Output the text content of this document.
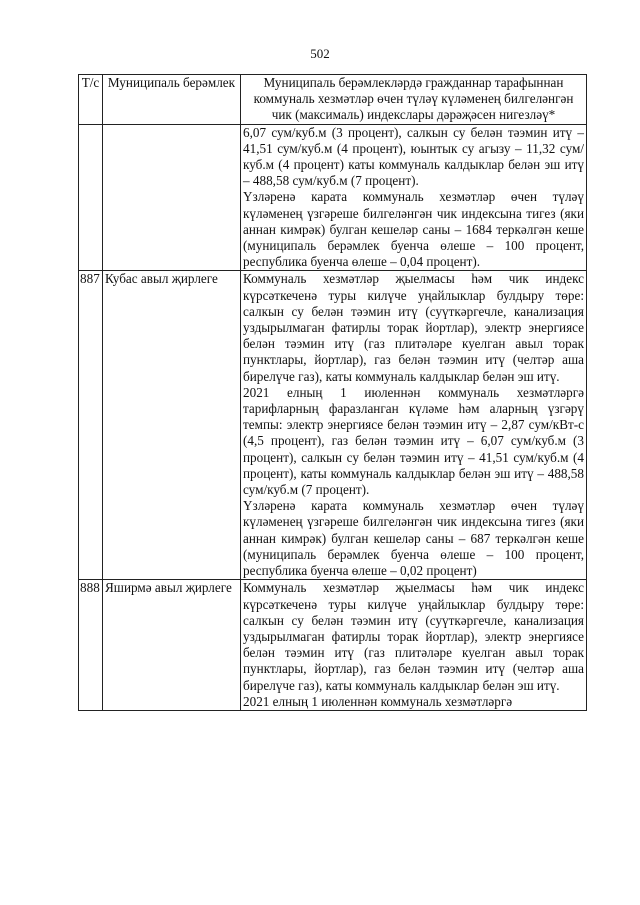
502
Т/с	Муниципаль берәмлек	Муниципаль берәмлекләрдә гражданнар тарафыннан коммуналь хезмәтләр өчен түләү күләменең билгеләнгән чик (максималь) индекслары дәрәҗәсен нигезләү*

		6,07 сум/куб.м (3 процент), салкын су белән тәэмин итү – 41,51 сум/куб.м (4 процент), юынтык су агызу – 11,32 сум/куб.м (4 процент) каты коммуналь калдыклар белән эш итү – 488,58 сум/куб.м (7 процент).

Үзләренә карата коммуналь хезмәтләр өчен түләү күләменең үзгәреше билгеләнгән чик индексына тигез (яки аннан кимрәк) булган кешеләр саны – 1684 теркәлгән кеше (муниципаль берәмлек буенча өлеше – 100 процент, республика буенча өлеше – 0,04 процент).

887	Кубас авыл җирлеге	Коммуналь хезмәтләр җыелмасы һәм чик индекс күрсәткеченә туры килүче уңайлыклар булдыру төре: салкын су белән тәэмин итү (суүткәргечле, канализация уздырылмаган фатирлы торак йортлар), электр энергиясе белән тәэмин итү (газ плитәләре куелган авыл торак пунктлары, йортлар), газ белән тәэмин итү (челтәр аша бирелүче газ), каты коммуналь калдыклар белән эш итү.

2021 елның 1 июленнән коммуналь хезмәтләргә тарифларның фаразланган күләме һәм аларның үзгәрү темпы: электр энергиясе белән тәэмин итү – 2,87 сум/кВт-с (4,5 процент), газ белән тәэмин итү – 6,07 сум/куб.м (3 процент), салкын су белән тәэмин итү – 41,51 сум/куб.м (4 процент), каты коммуналь калдыклар белән эш итү – 488,58 сум/куб.м (7 процент).

Үзләренә карата коммуналь хезмәтләр өчен түләү күләменең үзгәреше билгеләнгән чик индексына тигез (яки аннан кимрәк) булган кешеләр саны – 687 теркәлгән кеше (муниципаль берәмлек буенча өлеше – 100 процент, республика буенча өлеше – 0,02 процент)

888	Яширмә авыл җирлеге	Коммуналь хезмәтләр җыелмасы һәм чик индекс күрсәткеченә туры килүче уңайлыклар булдыру төре: салкын су белән тәэмин итү (суүткәргечле, канализация уздырылмаган фатирлы торак йортлар), электр энергиясе белән тәэмин итү (газ плитәләре куелган авыл торак пунктлары, йортлар), газ белән тәэмин итү (челтәр аша бирелүче газ), каты коммуналь калдыклар белән эш итү.

2021 елның 1 июленнән коммуналь хезмәтләргә
